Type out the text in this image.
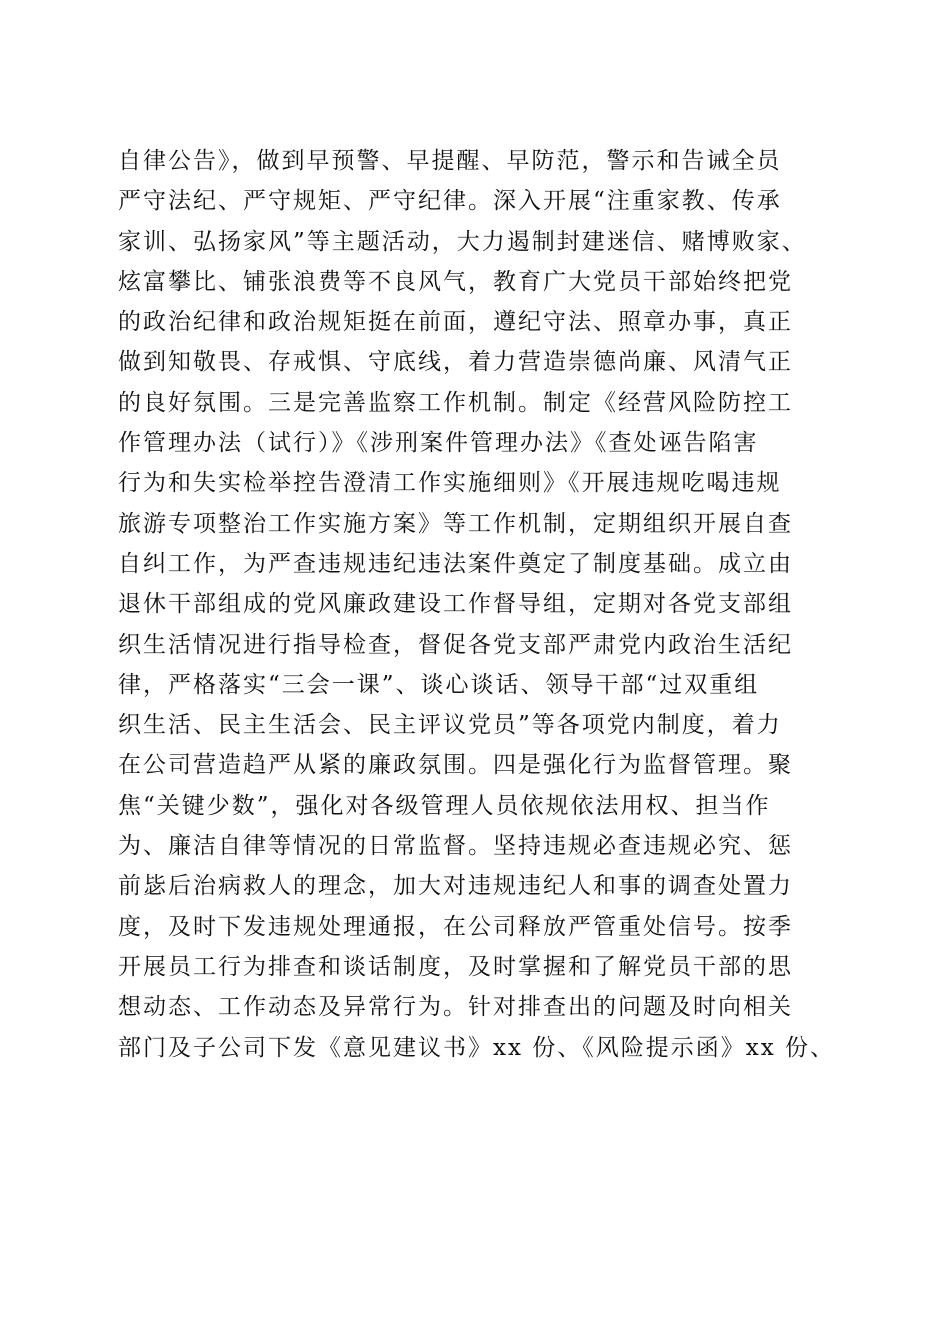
自律公告》，做到早预警、早提醒、早防范，警示和告诫全员
严守法纪、严守规矩、严守纪律。深入开展“注重家教、传承
家训、弘扬家风”等主题活动，大力遏制封建迷信、赌博败家、
炫富攀比、铺张浪费等不良风气，教育广大党员干部始终把党
的政治纪律和政治规矩挺在前面，遵纪守法、照章办事，真正
做到知敬畏、存戒惧、守底线，着力营造崇德尚廉、风清气正
的良好氛围。三是完善监察工作机制。制定《经营风险防控工
作管理办法（试行）》《涉刑案件管理办法》《查处诬告陷害
行为和失实检举控告澄清工作实施细则》《开展违规吃喝违规
旅游专项整治工作实施方案》等工作机制，定期组织开展自查
自纠工作，为严查违规违纪违法案件奠定了制度基础。成立由
退休干部组成的党风廉政建设工作督导组，定期对各党支部组
织生活情况进行指导检查，督促各党支部严肃党内政治生活纪
律，严格落实“三会一课”、谈心谈话、领导干部“过双重组
织生活、民主生活会、民主评议党员”等各项党内制度，着力
在公司营造趋严从紧的廉政氛围。四是强化行为监督管理。聚
焦“关键少数”，强化对各级管理人员依规依法用权、担当作
为、廉洁自律等情况的日常监督。坚持违规必查违规必究、惩
前毖后治病救人的理念，加大对违规违纪人和事的调查处置力
度，及时下发违规处理通报，在公司释放严管重处信号。按季
开展员工行为排查和谈话制度，及时掌握和了解党员干部的思
想动态、工作动态及异常行为。针对排查出的问题及时向相关
部门及子公司下发《意见建议书》xx 份、《风险提示函》xx 份、
